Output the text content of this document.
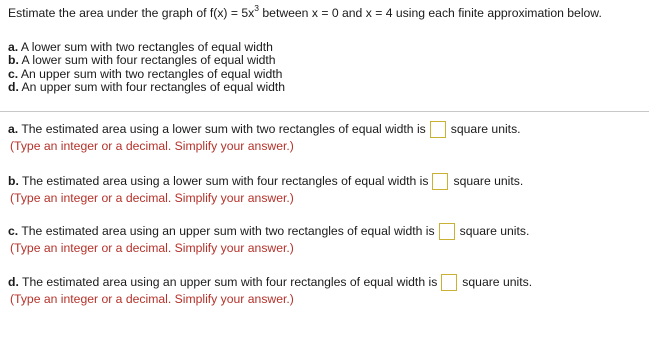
Estimate the area under the graph of $f(x) = 5x^3$ between x = 0 and x = 4 using each finite approximation below.
a. A lower sum with two rectangles of equal width
b. A lower sum with four rectangles of equal width
c. An upper sum with two rectangles of equal width
d. An upper sum with four rectangles of equal width
a. The estimated area using a lower sum with two rectangles of equal width is square units.
(Type an integer or a decimal. Simplify your answer.)
b. The estimated area using a lower sum with four rectangles of equal width is square units.
(Type an integer or a decimal. Simplify your answer.)
c. The estimated area using an upper sum with two rectangles of equal width is square units.
(Type an integer or a decimal. Simplify your answer.)
d. The estimated area using an upper sum with four rectangles of equal width is square units.
(Type an integer or a decimal. Simplify your answer.)
